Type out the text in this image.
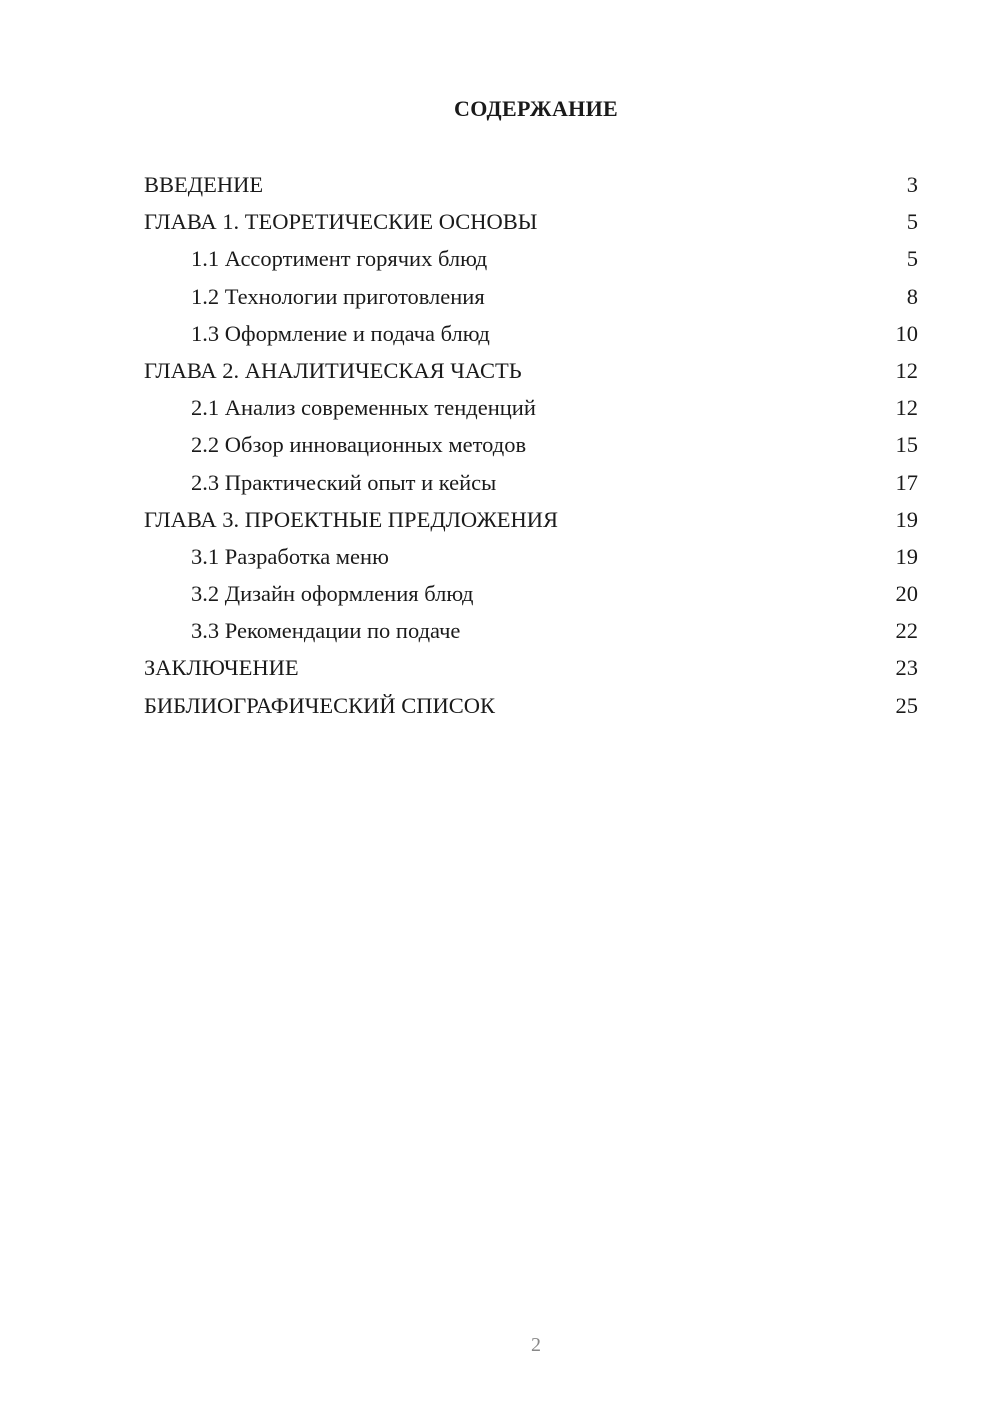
СОДЕРЖАНИЕ
ВВЕДЕНИЕ	3
ГЛАВА 1. ТЕОРЕТИЧЕСКИЕ ОСНОВЫ	5
1.1 Ассортимент горячих блюд	5
1.2 Технологии приготовления	8
1.3 Оформление и подача блюд	10
ГЛАВА 2. АНАЛИТИЧЕСКАЯ ЧАСТЬ	12
2.1 Анализ современных тенденций	12
2.2 Обзор инновационных методов	15
2.3 Практический опыт и кейсы	17
ГЛАВА 3. ПРОЕКТНЫЕ ПРЕДЛОЖЕНИЯ	19
3.1 Разработка меню	19
3.2 Дизайн оформления блюд	20
3.3 Рекомендации по подаче	22
ЗАКЛЮЧЕНИЕ	23
БИБЛИОГРАФИЧЕСКИЙ СПИСОК	25
2
